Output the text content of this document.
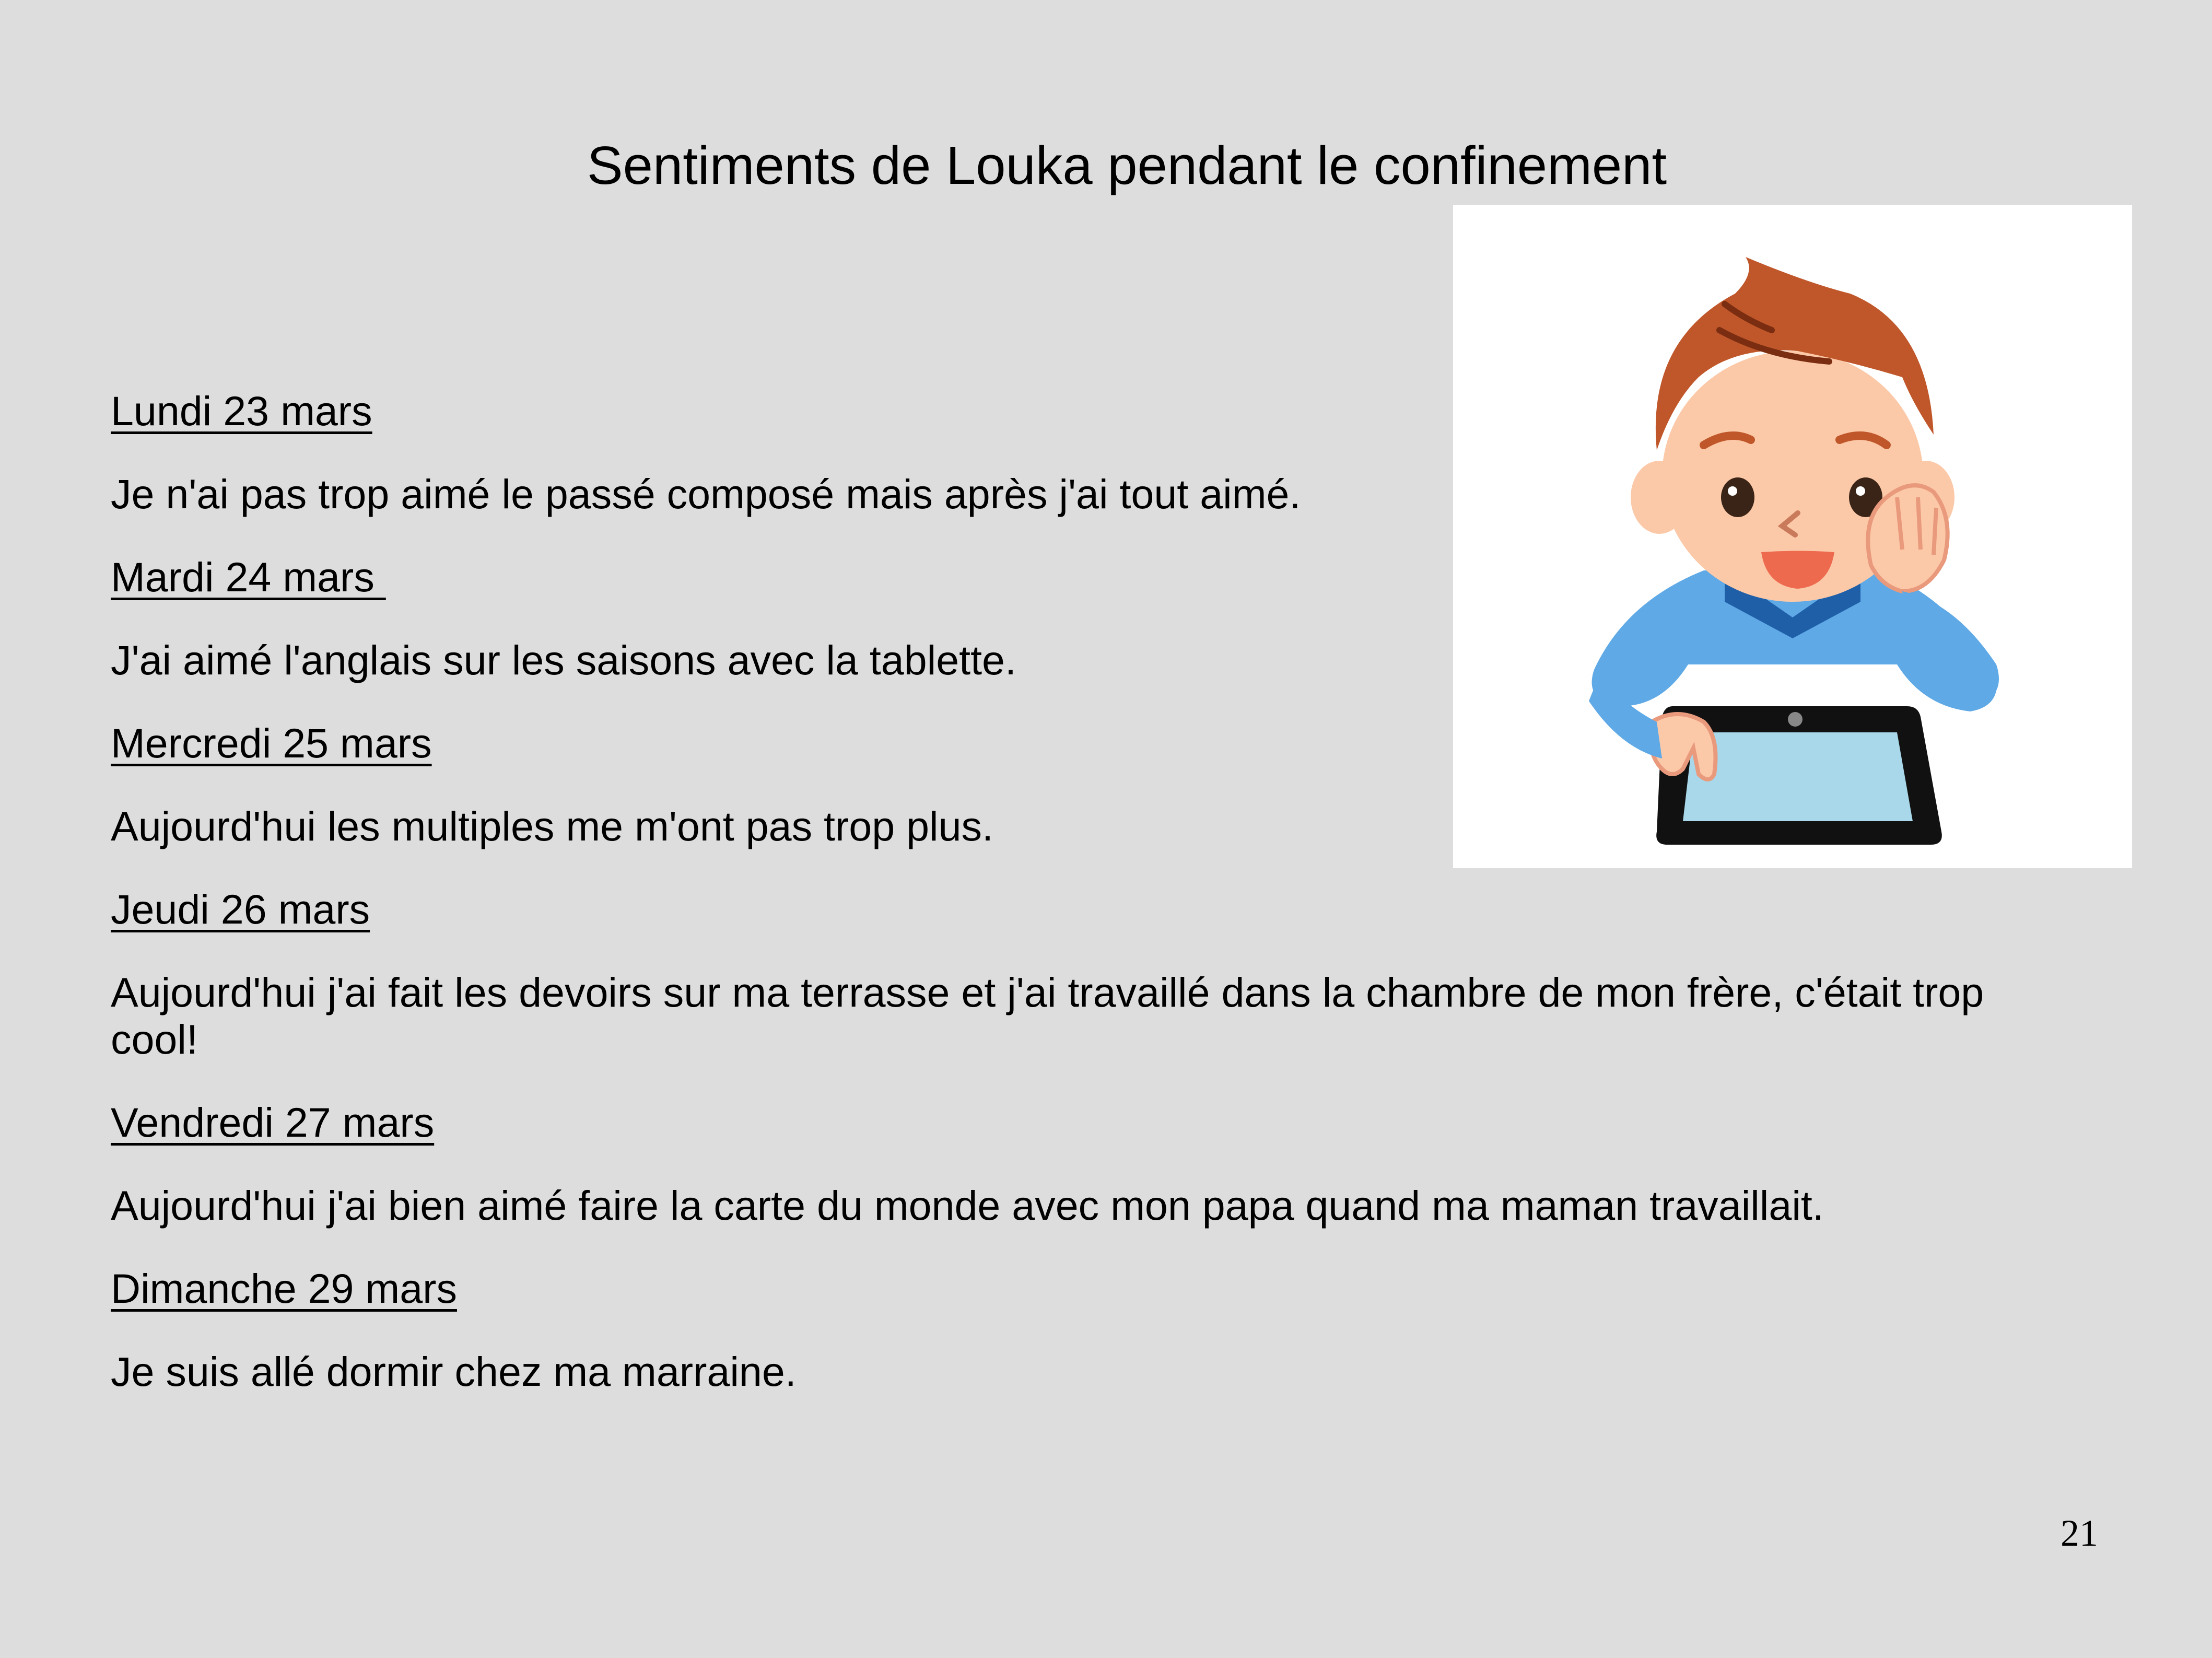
Sentiments de Louka pendant le confinement

Lundi 23 mars

Je n'ai pas trop aimé le passé composé mais après j'ai tout aimé.

Mardi 24 mars

J'ai aimé l'anglais sur les saisons avec la tablette.

Mercredi 25 mars

Aujourd'hui les multiples me m'ont pas trop plus.

Jeudi 26 mars

Aujourd'hui j'ai fait les devoirs sur ma terrasse et j'ai travaillé dans la chambre de mon frère, c'était trop cool!

Vendredi 27 mars

Aujourd'hui j'ai bien aimé faire la carte du monde avec mon papa quand ma maman travaillait.

Dimanche 29 mars

Je suis allé dormir chez ma marraine.

21
